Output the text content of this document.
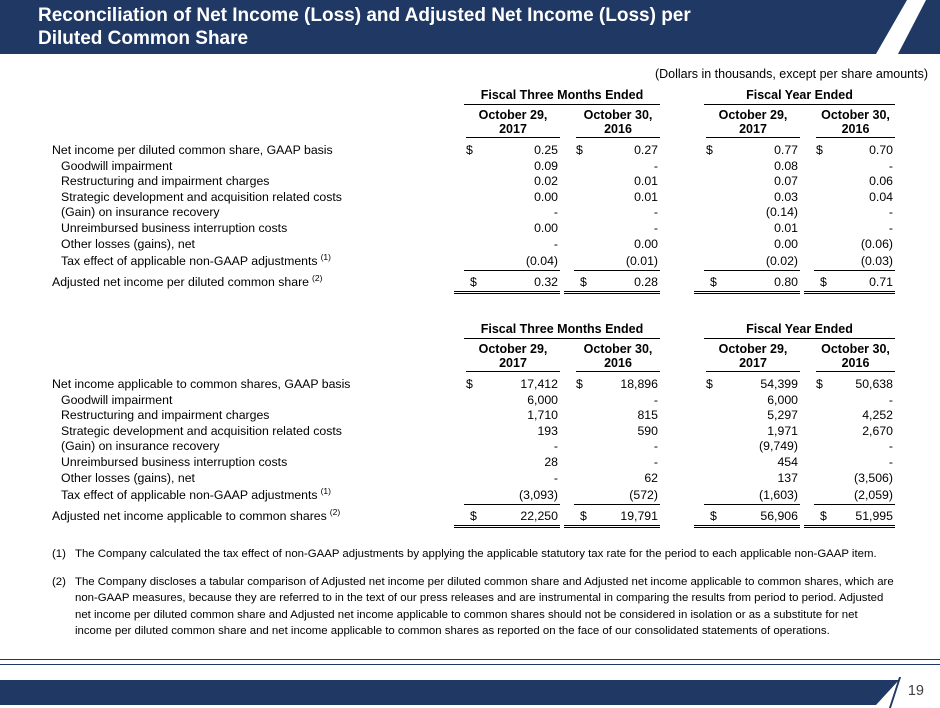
Reconciliation of Net Income (Loss) and Adjusted Net Income (Loss) per
Diluted Common Share
(Dollars in thousands, except per share amounts)
Fiscal Three Months Ended	Fiscal Year Ended
October 29,
2017
October 30,
2016
October 29,
2017
October 30,
2016
Net income per diluted common share, GAAP basis	$	0.25 $	0.27	$	0.77 $	0.70
Goodwill impairment	0.09	-	0.08	-
Restructuring and impairment charges	0.02	0.01	0.07	0.06
Strategic development and acquisition related costs	0.00	0.01	0.03	0.04
(Gain) on insurance recovery	-	-	(0.14)	-
Unreimbursed business interruption costs	0.00	-	0.01	-
Other losses (gains), net	-	0.00	0.00	(0.06)
Tax effect of applicable non-GAAP adjustments $^{(1)}$	(0.04)	(0.01)	(0.02)	(0.03)
Adjusted net income per diluted common share $^{(2)}$	$	0.32 $	0.28	$	0.80 $	0.71
Fiscal Three Months Ended	Fiscal Year Ended
October 29,
2017
October 30,
2016
October 29,
2017
October 30,
2016
Net income applicable to common shares, GAAP basis	$	17,412 $	18,896	$	54,399 $	50,638
Goodwill impairment	6,000	-	6,000	-
Restructuring and impairment charges	1,710	815	5,297	4,252
Strategic development and acquisition related costs	193	590	1,971	2,670
(Gain) on insurance recovery	-	-	(9,749)	-
Unreimbursed business interruption costs	28	-	454	-
Other losses (gains), net	-	62	137	(3,506)
Tax effect of applicable non-GAAP adjustments $^{(1)}$	(3,093)	(572)	(1,603)	(2,059)
Adjusted net income applicable to common shares $^{(2)}$	$	22,250 $	19,791	$	56,906 $ 51,995
(1) The Company calculated the tax effect of non-GAAP adjustments by applying the applicable statutory tax rate for the period to each applicable non-GAAP item.
(2) The Company discloses a tabular comparison of Adjusted net income per diluted common share and Adjusted net income applicable to common shares, which are non-GAAP measures, because they are referred to in the text of our press releases and are instrumental in comparing the results from period to period. Adjusted net income per diluted common share and Adjusted net income applicable to common shares should not be considered in isolation or as a substitute for net income per diluted common share and net income applicable to common shares as reported on the face of our consolidated statements of operations.
19
